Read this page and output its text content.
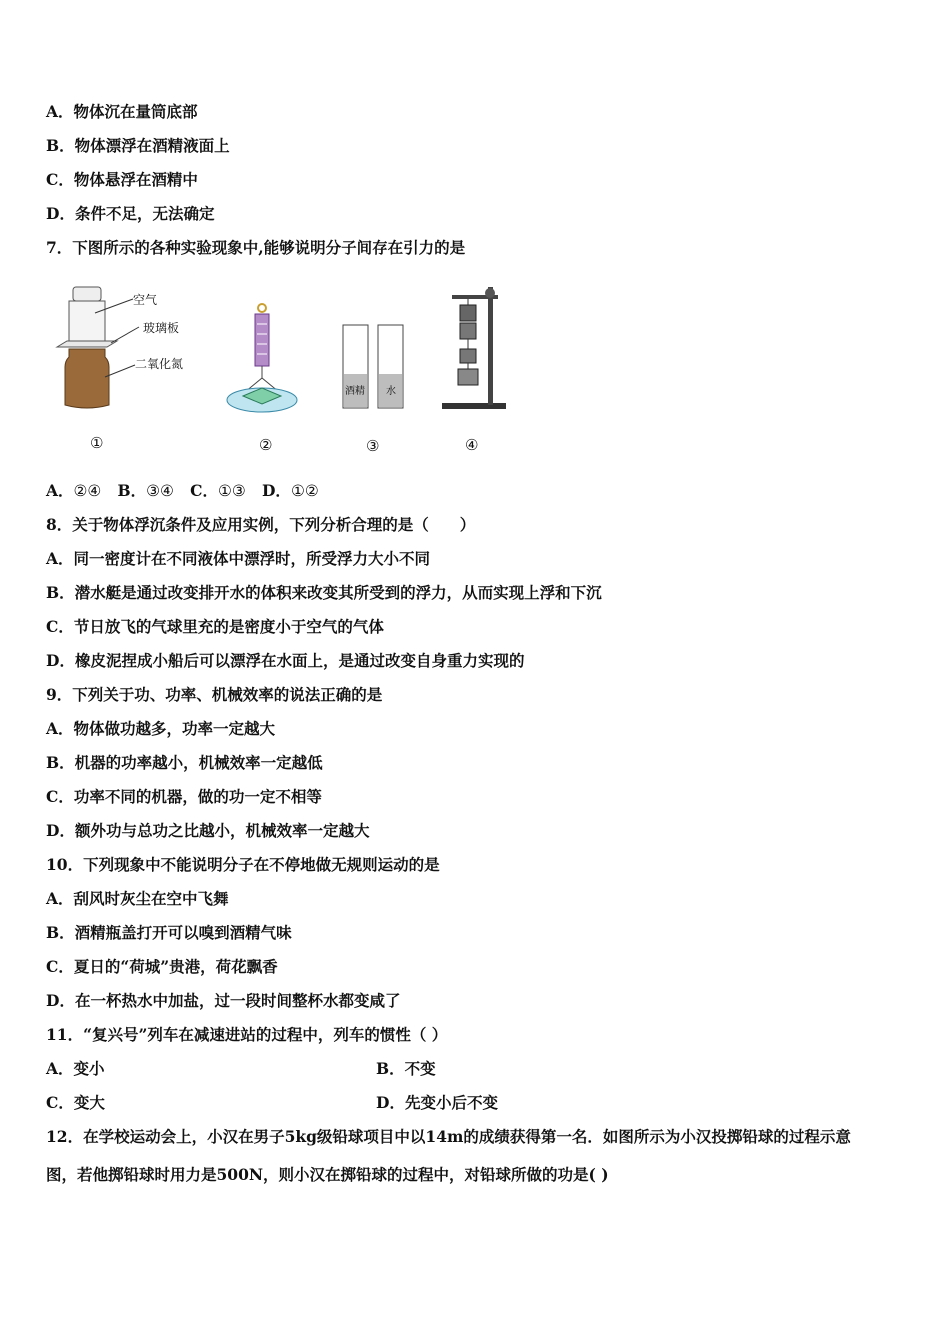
A．物体沉在量筒底部
B．物体漂浮在酒精液面上
C．物体悬浮在酒精中
D．条件不足，无法确定
7．下图所示的各种实验现象中,能够说明分子间存在引力的是
空气
玻璃板
二氧化氮
酒精 水
①	②	③	④
A．②④ B．③④ C．①③ D．①②
8．关于物体浮沉条件及应用实例，下列分析合理的是（　　）
A．同一密度计在不同液体中漂浮时，所受浮力大小不同
B．潜水艇是通过改变排开水的体积来改变其所受到的浮力，从而实现上浮和下沉
C．节日放飞的气球里充的是密度小于空气的气体
D．橡皮泥捏成小船后可以漂浮在水面上，是通过改变自身重力实现的
9．下列关于功、功率、机械效率的说法正确的是
A．物体做功越多，功率一定越大
B．机器的功率越小，机械效率一定越低
C．功率不同的机器，做的功一定不相等
D．额外功与总功之比越小，机械效率一定越大
10．下列现象中不能说明分子在不停地做无规则运动的是
A．刮风时灰尘在空中飞舞
B．酒精瓶盖打开可以嗅到酒精气味
C．夏日的“荷城”贵港，荷花飘香
D．在一杯热水中加盐，过一段时间整杯水都变咸了
11．“复兴号”列车在减速进站的过程中，列车的惯性（ ）
A．变小	B．不变
C．变大	D．先变小后不变
12．在学校运动会上，小汉在男子5kg级铅球项目中以14m的成绩获得第一名．如图所示为小汉投掷铅球的过程示意
图，若他掷铅球时用力是500N，则小汉在掷铅球的过程中，对铅球所做的功是( )
